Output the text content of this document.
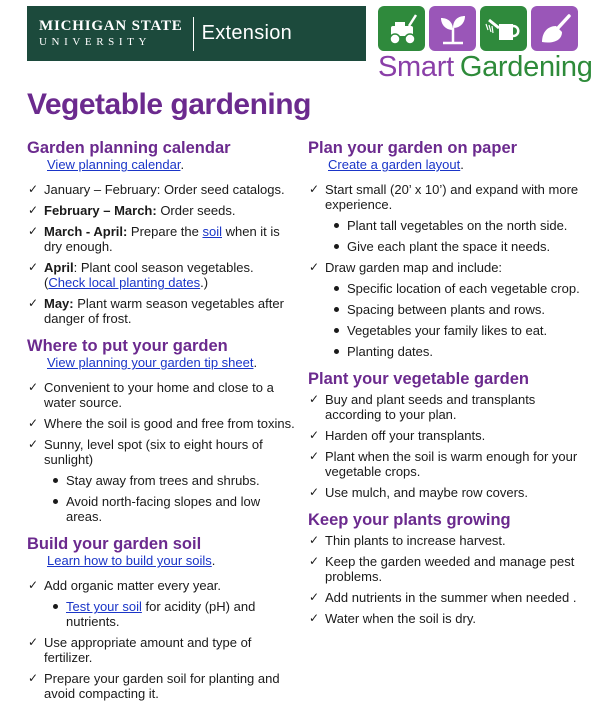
MICHIGAN STATE
UNIVERSITY	Extension
Smart Gardening
Vegetable gardening
Garden planning calendar
View planning calendar.
✓ January – February: Order seed catalogs.
✓ February – March: Order seeds.
✓ March - April: Prepare the soil when it is dry enough.
✓ April: Plant cool season vegetables. (Check local planting dates.)
✓ May: Plant warm season vegetables after danger of frost.
Where to put your garden
View planning your garden tip sheet.
✓ Convenient to your home and close to a water source.
✓ Where the soil is good and free from toxins.
✓ Sunny, level spot (six to eight hours of sunlight)
Stay away from trees and shrubs.
Avoid north-facing slopes and low areas.
Build your garden soil
Learn how to build your soils.
✓ Add organic matter every year.
Test your soil for acidity (pH) and nutrients.
✓ Use appropriate amount and type of fertilizer.
✓ Prepare your garden soil for planting and avoid compacting it.
Plan your garden on paper
Create a garden layout.
✓ Start small (20’ x 10’) and expand with more experience.
Plant tall vegetables on the north side.
Give each plant the space it needs.
✓ Draw garden map and include:
Specific location of each vegetable crop.
Spacing between plants and rows.
Vegetables your family likes to eat.
Planting dates.
Plant your vegetable garden
✓ Buy and plant seeds and transplants according to your plan.
✓ Harden off your transplants.
✓ Plant when the soil is warm enough for your vegetable crops.
✓ Use mulch, and maybe row covers.
Keep your plants growing
✓ Thin plants to increase harvest.
✓ Keep the garden weeded and manage pest problems.
✓ Add nutrients in the summer when needed .
✓ Water when the soil is dry.
